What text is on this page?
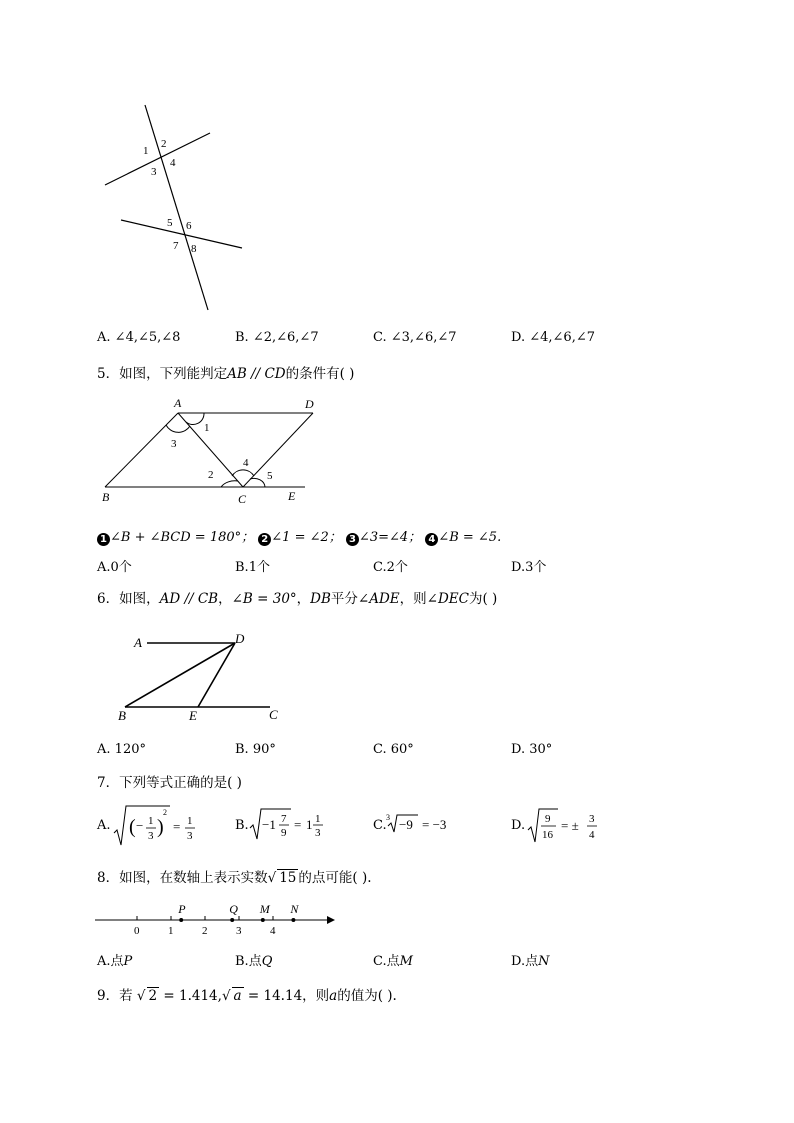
1
2
3
4
5 6
7 8
A. ∠4,∠5,∠8	B. ∠2,∠6,∠7	C. ∠3,∠6,∠7	D. ∠4,∠6,∠7
5．如图，下列能判定AB // CD的条件有( )
A	D
B	C	E
1
3
2
4
5
1 ∠B + ∠BCD = 180°； 2 ∠1 = ∠2； 3 ∠3=∠4； 4 ∠B = ∠5.
A.0个	B.1个	C.2个	D.3个
6．如图，AD // CB，∠B = 30°，DB平分∠ADE，则∠DEC为( )
A	D
B	E	C
A. 120°	B. 90°	C. 60°	D. 30°
7．下列等式正确的是( )
A. ( − 1
3 )
2
= 1
3
B. −1 7
9
= 1 1
3	C.
3 −9 = −3	D. 9
16
= ± 3
4
8．如图，在数轴上表示实数√ 15 的点可能( ).
0	1	2	3	4
P	Q M N
A.点P	B.点Q	C.点M	D.点N
9．若 √ 2 = 1.414,√ a = 14.14，则a的值为( ).
